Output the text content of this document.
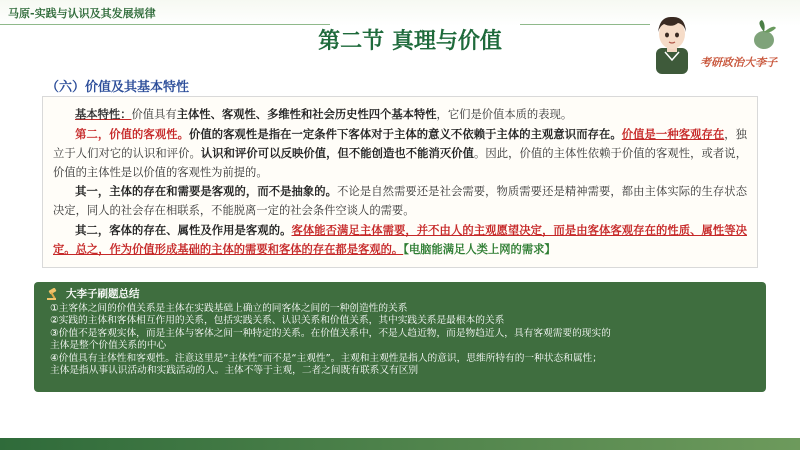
马原-实践与认识及其发展规律
第二节 真理与价值
考研政治大李子
（六）价值及其基本特性
基本特性：价值具有主体性、客观性、多维性和社会历史性四个基本特性，它们是价值本质的表现。
第二，价值的客观性。价值的客观性是指在一定条件下客体对于主体的意义不依赖于主体的主观意识而存在。价值是一种客观存在，独立于人们对它的认识和评价。认识和评价可以反映价值，但不能创造也不能消灭价值。因此，价值的主体性依赖于价值的客观性，或者说，价值的主体性是以价值的客观性为前提的。
其一，主体的存在和需要是客观的，而不是抽象的。不论是自然需要还是社会需要，物质需要还是精神需要，都由主体实际的生存状态决定，同人的社会存在相联系，不能脱离一定的社会条件空谈人的需要。
其二，客体的存在、属性及作用是客观的。客体能否满足主体需要，并不由人的主观愿望决定，而是由客体客观存在的性质、属性等决定。总之，作为价值形成基础的主体的需要和客体的存在都是客观的。【电脑能满足人类上网的需求】
大李子刷题总结
①主客体之间的价值关系是主体在实践基础上确立的同客体之间的一种创造性的关系
②实践的主体和客体相互作用的关系，包括实践关系、认识关系和价值关系，其中实践关系是最根本的关系
③价值不是客观实体，而是主体与客体之间一种特定的关系。在价值关系中，不是人趋近物，而是物趋近人，具有客观需要的现实的
主体是整个价值关系的中心
④价值具有主体性和客观性。注意这里是“主体性”而不是“主观性”。主观和主观性是指人的意识，思维所特有的一种状态和属性；
主体是指从事认识活动和实践活动的人。主体不等于主观，二者之间既有联系又有区别
